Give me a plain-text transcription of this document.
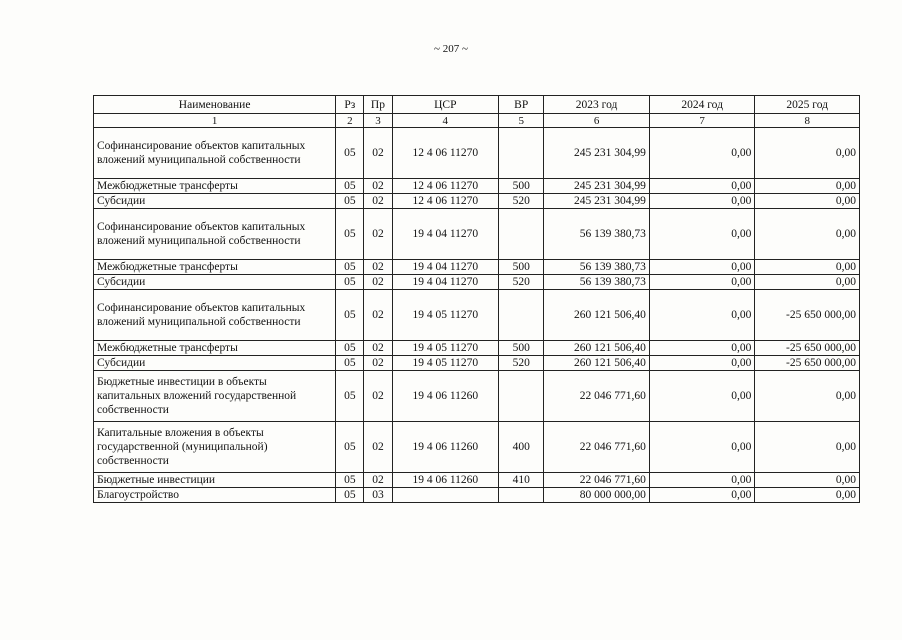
~ 207 ~
Наименование	Рз	Пр	ЦСР	ВР	2023 год	2024 год	2025 год
1	2	3	4	5	6	7	8
Софинансирование объектов капитальных вложений муниципальной собственности	05	02	12 4 06 11270		245 231 304,99	0,00	0,00
Межбюджетные трансферты	05	02	12 4 06 11270	500	245 231 304,99	0,00	0,00
Субсидии	05	02	12 4 06 11270	520	245 231 304,99	0,00	0,00
Софинансирование объектов капитальных вложений муниципальной собственности	05	02	19 4 04 11270		56 139 380,73	0,00	0,00
Межбюджетные трансферты	05	02	19 4 04 11270	500	56 139 380,73	0,00	0,00
Субсидии	05	02	19 4 04 11270	520	56 139 380,73	0,00	0,00
Софинансирование объектов капитальных вложений муниципальной собственности	05	02	19 4 05 11270		260 121 506,40	0,00	-25 650 000,00
Межбюджетные трансферты	05	02	19 4 05 11270	500	260 121 506,40	0,00	-25 650 000,00
Субсидии	05	02	19 4 05 11270	520	260 121 506,40	0,00	-25 650 000,00
Бюджетные инвестиции в объекты капитальных вложений государственной собственности	05	02	19 4 06 11260		22 046 771,60	0,00	0,00
Капитальные вложения в объекты государственной (муниципальной) собственности	05	02	19 4 06 11260	400	22 046 771,60	0,00	0,00
Бюджетные инвестиции	05	02	19 4 06 11260	410	22 046 771,60	0,00	0,00
Благоустройство	05	03			80 000 000,00	0,00	0,00
